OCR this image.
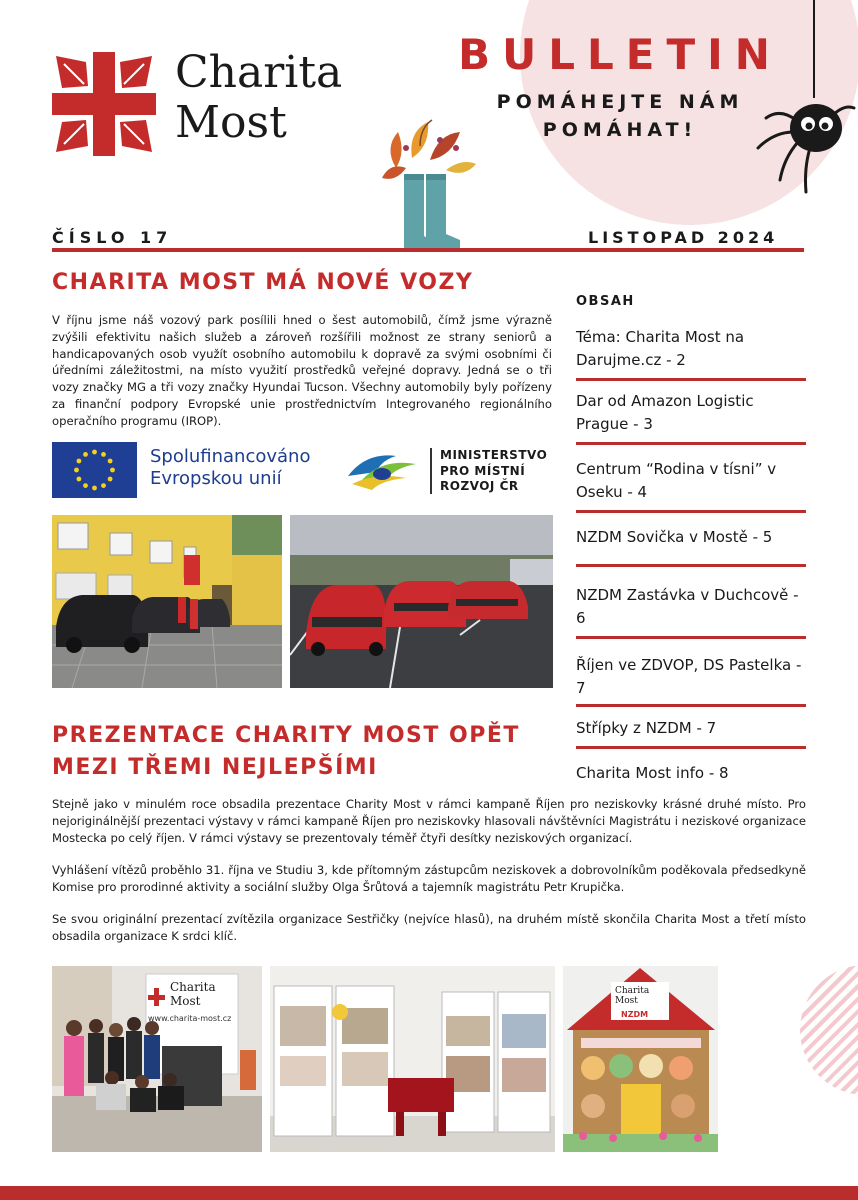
Charita
Most
BULLETIN
POMÁHEJTE NÁM
POMÁHAT!
ČÍSLO 17	LISTOPAD 2024
CHARITA MOST MÁ NOVÉ VOZY
V říjnu jsme náš vozový park posílili hned o šest automobilů, čímž jsme výrazně zvýšili efektivitu našich služeb a zároveň rozšířili možnost ze strany seniorů a handicapovaných osob využít osobního automobilu k dopravě za svými osobními či úředními záležitostmi, na místo využití prostředků veřejné dopravy. Jedná se o tři vozy značky MG a tři vozy značky Hyundai Tucson. Všechny automobily byly pořízeny za finanční podpory Evropské unie prostřednictvím Integrovaného regionálního operačního programu (IROP).
Spolufinancováno
Evropskou unií
MINISTERSTVO
PRO MÍSTNÍ
ROZVOJ ČR
OBSAH
Téma: Charita Most na Darujme.cz - 2
Dar od Amazon Logistic Prague - 3
Centrum “Rodina v tísni” v Oseku - 4
NZDM Sovička v Mostě - 5
NZDM Zastávka v Duchcově - 6
Říjen ve ZDVOP, DS Pastelka - 7
Střípky z NZDM - 7
Charita Most info - 8
PREZENTACE CHARITY MOST OPĚT
MEZI TŘEMI NEJLEPŠÍMI
Stejně jako v minulém roce obsadila prezentace Charity Most v rámci kampaně Říjen pro neziskovky krásné druhé místo. Pro nejoriginálnější prezentaci výstavy v rámci kampaně Říjen pro neziskovky hlasovali návštěvníci Magistrátu i neziskové organizace Mostecka po celý říjen. V rámci výstavy se prezentovaly téměř čtyři desítky neziskových organizací.
Vyhlášení vítězů proběhlo 31. října ve Studiu 3, kde přítomným zástupcům neziskovek a dobrovolníkům poděkovala předsedkyně Komise pro prorodinné aktivity a sociální služby Olga Šrůtová a tajemník magistrátu Petr Krupička.
Se svou originální prezentací zvítězila organizace Sestřičky (nejvíce hlasů), na druhém místě skončila Charita Most a třetí místo obsadila organizace K srdci klíč.
Charita
Most
www.charita-most.cz
Charita
Most
NZDM
SOVIČKA
